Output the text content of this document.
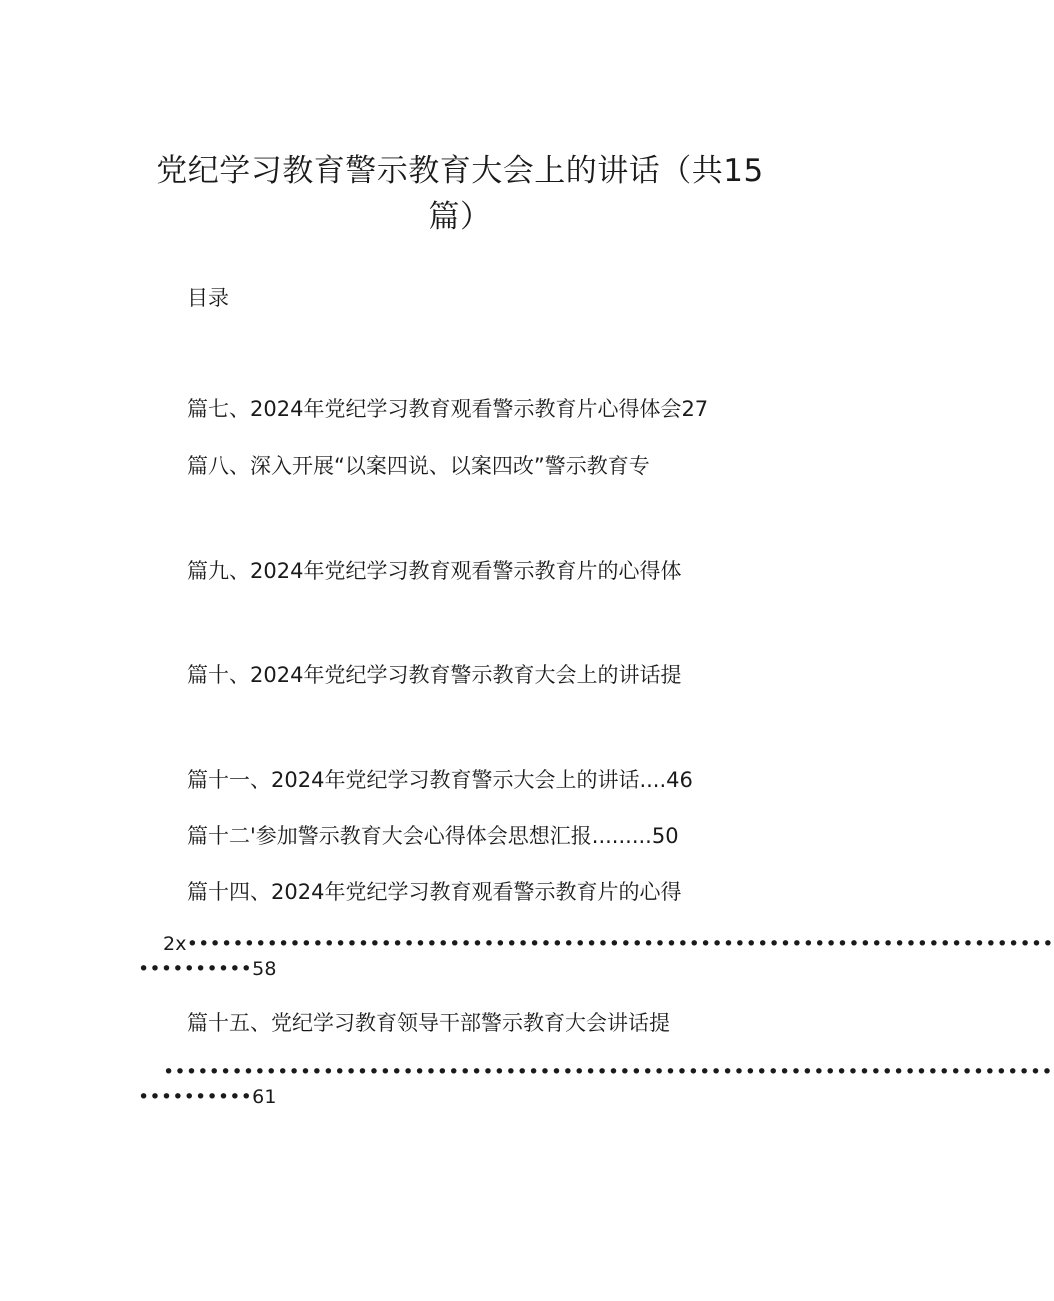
党纪学习教育警示教育大会上的讲话（共15
篇）
目录
篇七、2024年党纪学习教育观看警示教育片心得体会27
篇八、深入开展“以案四说、以案四改”警示教育专
篇九、2024年党纪学习教育观看警示教育片的心得体
篇十、2024年党纪学习教育警示教育大会上的讲话提
篇十一、2024年党纪学习教育警示大会上的讲话....46
篇十二'参加警示教育大会心得体会思想汇报.........50
篇十四、2024年党纪学习教育观看警示教育片的心得
2x••••••••••••••••••••••••••••••••••••••••••••••••••••••••••••••••••••••••••••
••••••••••58
篇十五、党纪学习教育领导干部警示教育大会讲话提
••••••••••••••••••••••••••••••••••••••••••••••••••••••••••••••••••••••••••••••
••••••••••61
